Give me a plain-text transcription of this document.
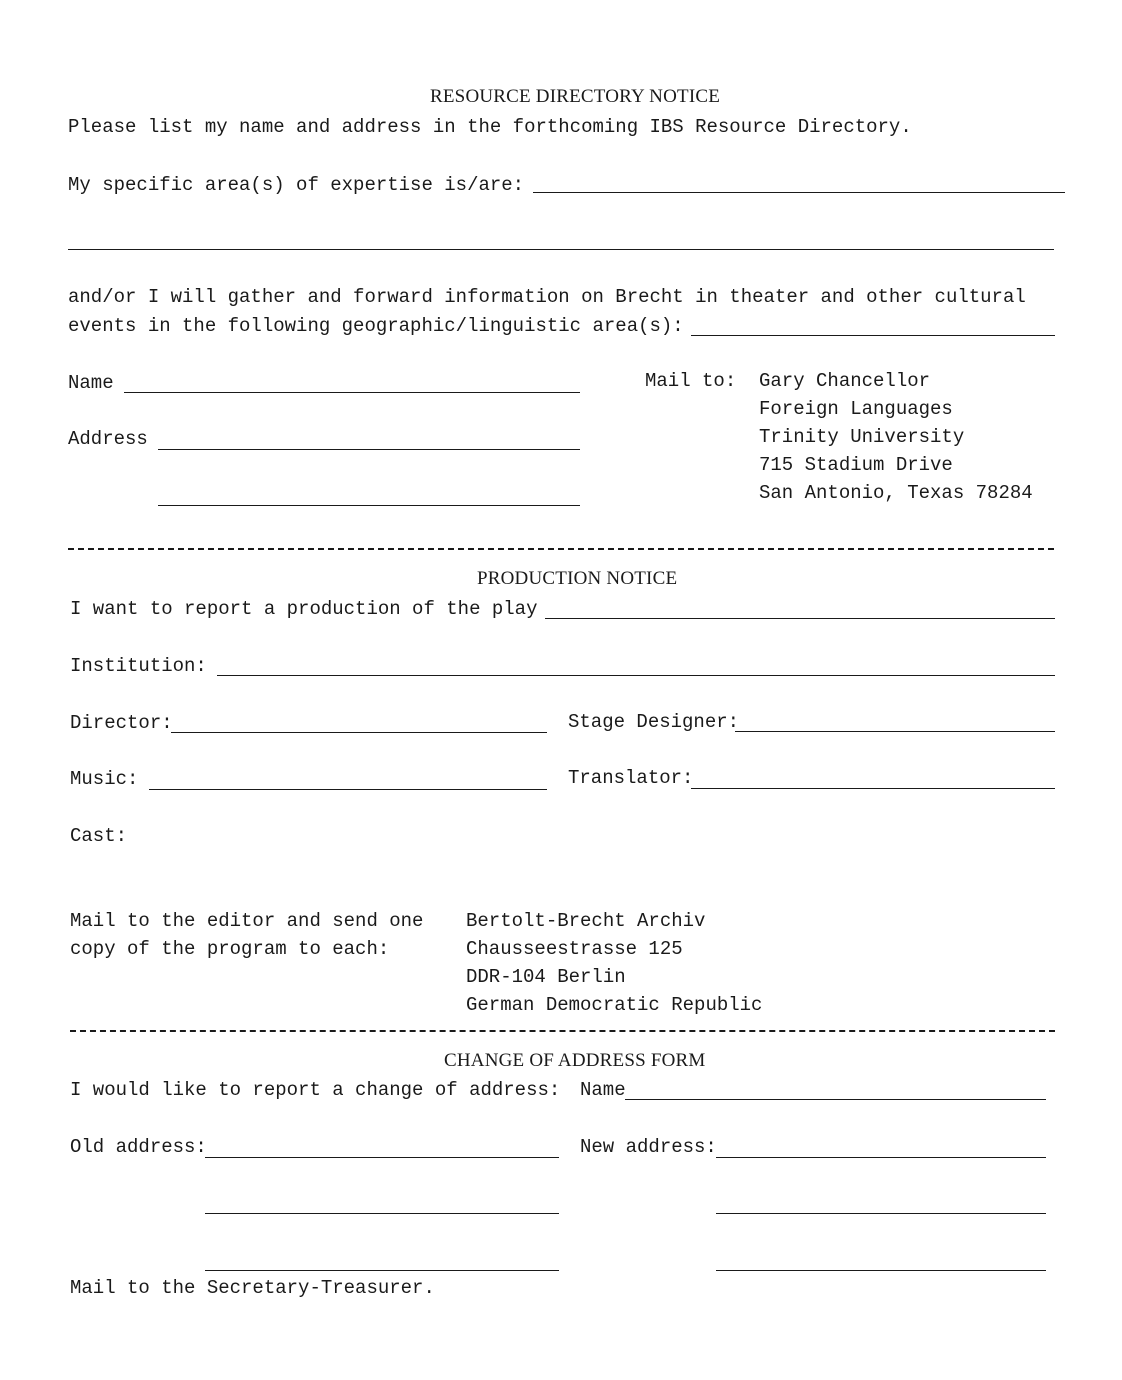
RESOURCE DIRECTORY NOTICE
Please list my name and address in the forthcoming IBS Resource Directory.
My specific area(s) of expertise is/are:
and/or I will gather and forward information on Brecht in theater and other cultural
events in the following geographic/linguistic area(s):
Name
Address
Mail to: Gary Chancellor
Foreign Languages
Trinity University
715 Stadium Drive
San Antonio, Texas 78284
PRODUCTION NOTICE
I want to report a production of the play
Institution:
Director:	Stage Designer:
Music:	Translator:
Cast:
Mail to the editor and send one
copy of the program to each:
Bertolt-Brecht Archiv
Chausseestrasse 125
DDR-104 Berlin
German Democratic Republic
CHANGE OF ADDRESS FORM
I would like to report a change of address: Name
Old address:	New address:
Mail to the Secretary-Treasurer.
